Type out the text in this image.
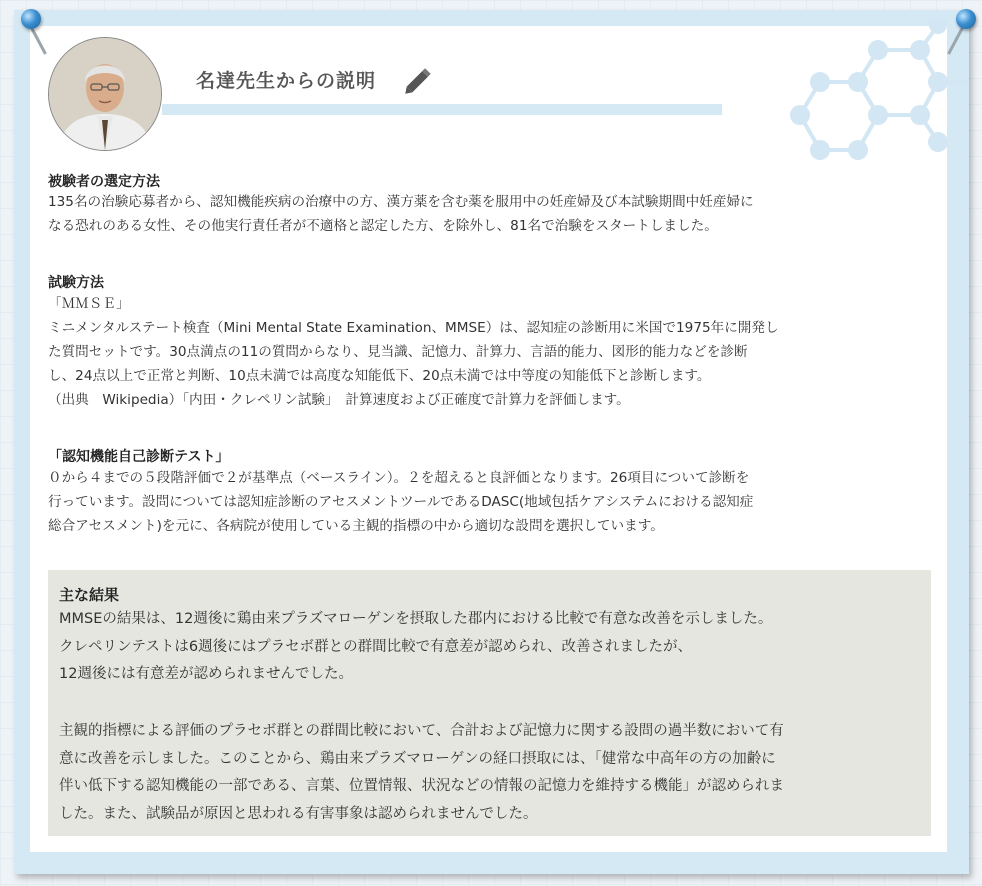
名達先生からの説明
被験者の選定方法
135名の治験応募者から、認知機能疾病の治療中の方、漢方薬を含む薬を服用中の妊産婦及び本試験期間中妊産婦に
なる恐れのある女性、その他実行責任者が不適格と認定した方、を除外し、81名で治験をスタートしました。
試験方法
「ＭＭＳＥ」
ミニメンタルステート検査（Mini Mental State Examination、MMSE）は、認知症の診断用に米国で1975年に開発し
た質問セットです。30点満点の11の質問からなり、見当識、記憶力、計算力、言語的能力、図形的能力などを診断
し、24点以上で正常と判断、10点未満では高度な知能低下、20点未満では中等度の知能低下と診断します。
（出典　Wikipedia）「内田・クレペリン試験」　計算速度および正確度で計算力を評価します。
「認知機能自己診断テスト」
０から４までの５段階評価で２が基準点（ベースライン）。２を超えると良評価となります。26項目について診断を
行っています。設問については認知症診断のアセスメントツールであるDASC(地域包括ケアシステムにおける認知症
総合アセスメント)を元に、各病院が使用している主観的指標の中から適切な設問を選択しています。
主な結果
MMSEの結果は、12週後に鶏由来プラズマローゲンを摂取した郡内における比較で有意な改善を示しました。
クレペリンテストは6週後にはプラセボ群との群間比較で有意差が認められ、改善されましたが、
12週後には有意差が認められませんでした。
主観的指標による評価のプラセボ群との群間比較において、合計および記憶力に関する設問の過半数において有
意に改善を示しました。このことから、鶏由来プラズマローゲンの経口摂取には、「健常な中高年の方の加齢に
伴い低下する認知機能の一部である、言葉、位置情報、状況などの情報の記憶力を維持する機能」が認められま
した。また、試験品が原因と思われる有害事象は認められませんでした。
